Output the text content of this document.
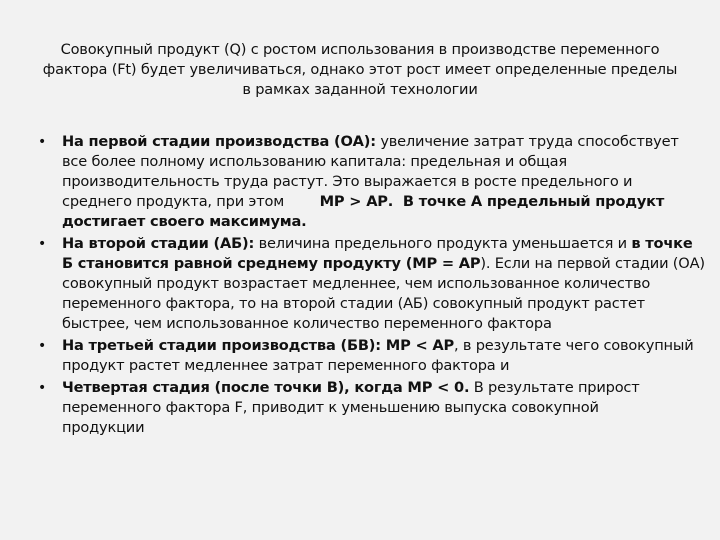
Совокупный продукт (Q) с ростом использования в производстве переменного
фактора (Ft) будет увеличиваться, однако этот рост имеет определенные пределы
в рамках заданной технологии
•	На первой стадии производства (ОА): увеличение затрат труда способствует
все более полному использованию капитала: предельная и общая
производительность труда растут. Это выражается в росте предельного и
среднего продукта, при этом        МР > АР.  В точке А предельный продукт
достигает своего максимума.
•	На второй стадии (АБ): величина предельного продукта уменьшается и в точке
Б становится равной среднему продукту (МР = АР). Если на первой стадии (ОА)
совокупный продукт возрастает медленнее, чем использованное количество
переменного фактора, то на второй стадии (АБ) совокупный продукт растет
быстрее, чем использованное количество переменного фактора
•	На третьей стадии производства (БВ): МР < АР, в результате чего совокупный
продукт растет медленнее затрат переменного фактора и
•	Четвертая стадия (после точки В), когда МР < 0. В результате прирост
переменного фактора F, приводит к уменьшению выпуска совокупной
продукции
